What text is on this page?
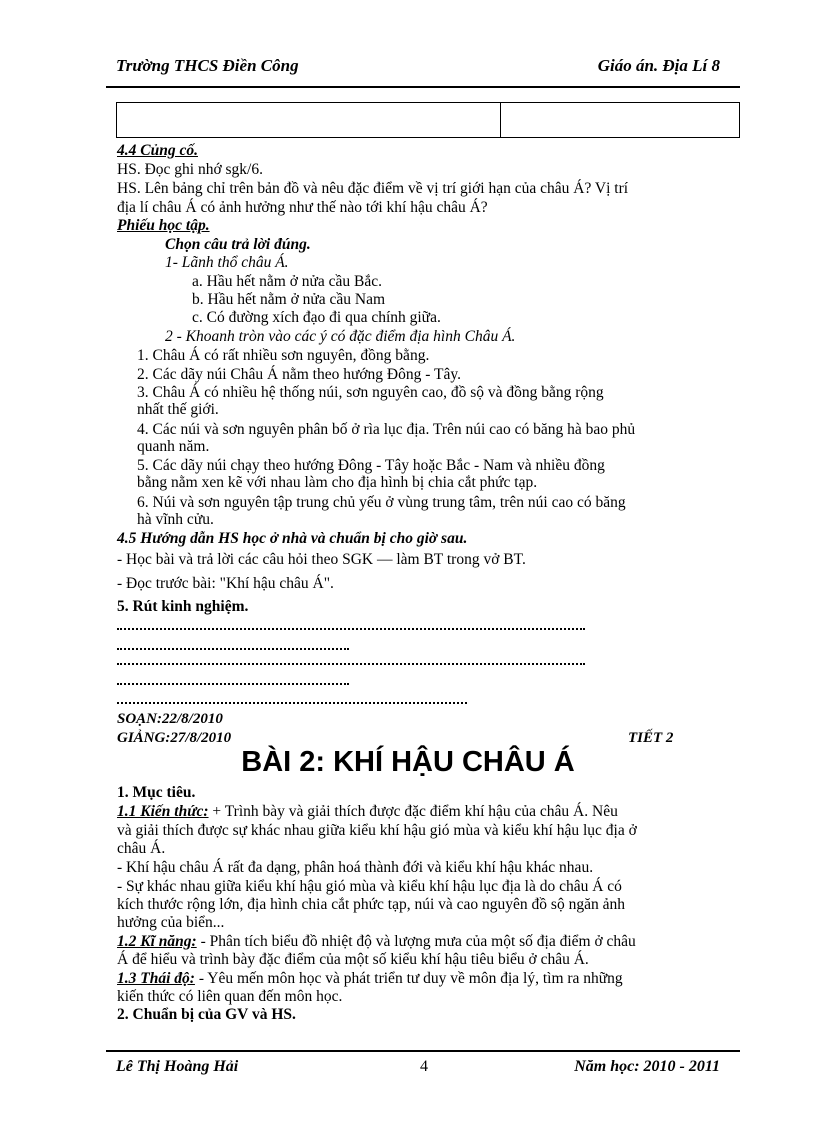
Trường THCS Điền Công	Giáo án. Địa Lí 8

4.4 Củng cố.
HS. Đọc ghi nhớ sgk/6.
HS. Lên bảng chỉ trên bản đồ và nêu đặc điểm về vị trí giới hạn của châu Á? Vị trí
địa lí châu Á có ảnh hưởng như thế nào tới khí hậu châu Á?
Phiếu học tập.
Chọn câu trả lời đúng.
1- Lãnh thổ châu Á.
a. Hầu hết nằm ở nửa cầu Bắc.
b. Hầu hết nằm ở nửa cầu Nam
c. Có đường xích đạo đi qua chính giữa.
2 - Khoanh tròn vào các ý có đặc điểm địa hình Châu Á.
1. Châu Á có rất nhiều sơn nguyên, đồng bằng.
2. Các dãy núi Châu Á nằm theo hướng Đông - Tây.
3. Châu Á có nhiều hệ thống núi, sơn nguyên cao, đồ sộ và đồng bằng rộng
nhất thế giới.
4. Các núi và sơn nguyên phân bố ở rìa lục địa. Trên núi cao có băng hà bao phủ
quanh năm.
5. Các dãy núi chạy theo hướng Đông - Tây hoặc Bắc - Nam và nhiều đồng
bằng nằm xen kẽ với nhau làm cho địa hình bị chia cắt phức tạp.
6. Núi và sơn nguyên tập trung chủ yếu ở vùng trung tâm, trên núi cao có băng
hà vĩnh cửu.
4.5 Hướng dẫn HS học ở nhà và chuẩn bị cho giờ sau.
- Học bài và trả lời các câu hỏi theo SGK — làm BT trong vở BT.
- Đọc trước bài: "Khí hậu châu Á".
5. Rút kinh nghiệm.
SOẠN:22/8/2010
GIẢNG:27/8/2010	TIẾT 2
BÀI 2: KHÍ HẬU CHÂU Á
1. Mục tiêu.
1.1 Kiến thức: + Trình bày và giải thích được đặc điểm khí hậu của châu Á. Nêu
và giải thích được sự khác nhau giữa kiểu khí hậu gió mùa và kiểu khí hậu lục địa ở
châu Á.
- Khí hậu châu Á rất đa dạng, phân hoá thành đới và kiểu khí hậu khác nhau.
- Sự khác nhau giữa kiểu khí hậu gió mùa và kiểu khí hậu lục địa là do châu Á có
kích thước rộng lớn, địa hình chia cắt phức tạp, núi và cao nguyên đồ sộ ngăn ảnh
hưởng của biển...
1.2 Kĩ năng: - Phân tích biểu đồ nhiệt độ và lượng mưa của một số địa điểm ở châu
Á để hiểu và trình bày đặc điểm của một số kiểu khí hậu tiêu biểu ở châu Á.
1.3 Thái độ: - Yêu mến môn học và phát triển tư duy về môn địa lý, tìm ra những
kiến thức có liên quan đến môn học.
2. Chuẩn bị của GV và HS.
Lê Thị Hoàng Hải	4	Năm học: 2010 - 2011
